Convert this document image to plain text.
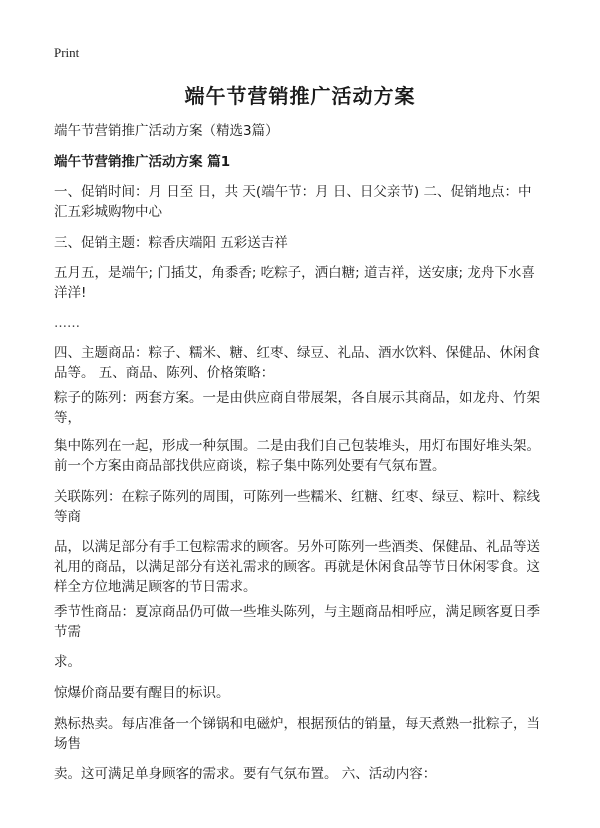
Print
端午节营销推广活动方案
端午节营销推广活动方案（精选3篇）
端午节营销推广活动方案 篇1
一、促销时间：月 日至 日，共 天(端午节：月 日、日父亲节) 二、促销地点：中
汇五彩城购物中心
三、促销主题：粽香庆端阳 五彩送吉祥
五月五，是端午; 门插艾，角黍香; 吃粽子，洒白糖; 道吉祥，送安康; 龙舟下水喜
洋洋!
……
四、主题商品：粽子、糯米、糖、红枣、绿豆、礼品、酒水饮料、保健品、休闲食
品等。 五、商品、陈列、价格策略：
粽子的陈列：两套方案。一是由供应商自带展架，各自展示其商品，如龙舟、竹架
等，
集中陈列在一起，形成一种氛围。二是由我们自己包装堆头，用灯布围好堆头架。
前一个方案由商品部找供应商谈，粽子集中陈列处要有气氛布置。
关联陈列：在粽子陈列的周围，可陈列一些糯米、红糖、红枣、绿豆、粽叶、粽线
等商
品，以满足部分有手工包粽需求的顾客。另外可陈列一些酒类、保健品、礼品等送
礼用的商品，以满足部分有送礼需求的顾客。再就是休闲食品等节日休闲零食。这
样全方位地满足顾客的节日需求。
季节性商品：夏凉商品仍可做一些堆头陈列，与主题商品相呼应，满足顾客夏日季
节需
求。
惊爆价商品要有醒目的标识。
熟标热卖。每店准备一个锑锅和电磁炉，根据预估的销量，每天煮熟一批粽子，当
场售
卖。这可满足单身顾客的需求。要有气氛布置。 六、活动内容：
